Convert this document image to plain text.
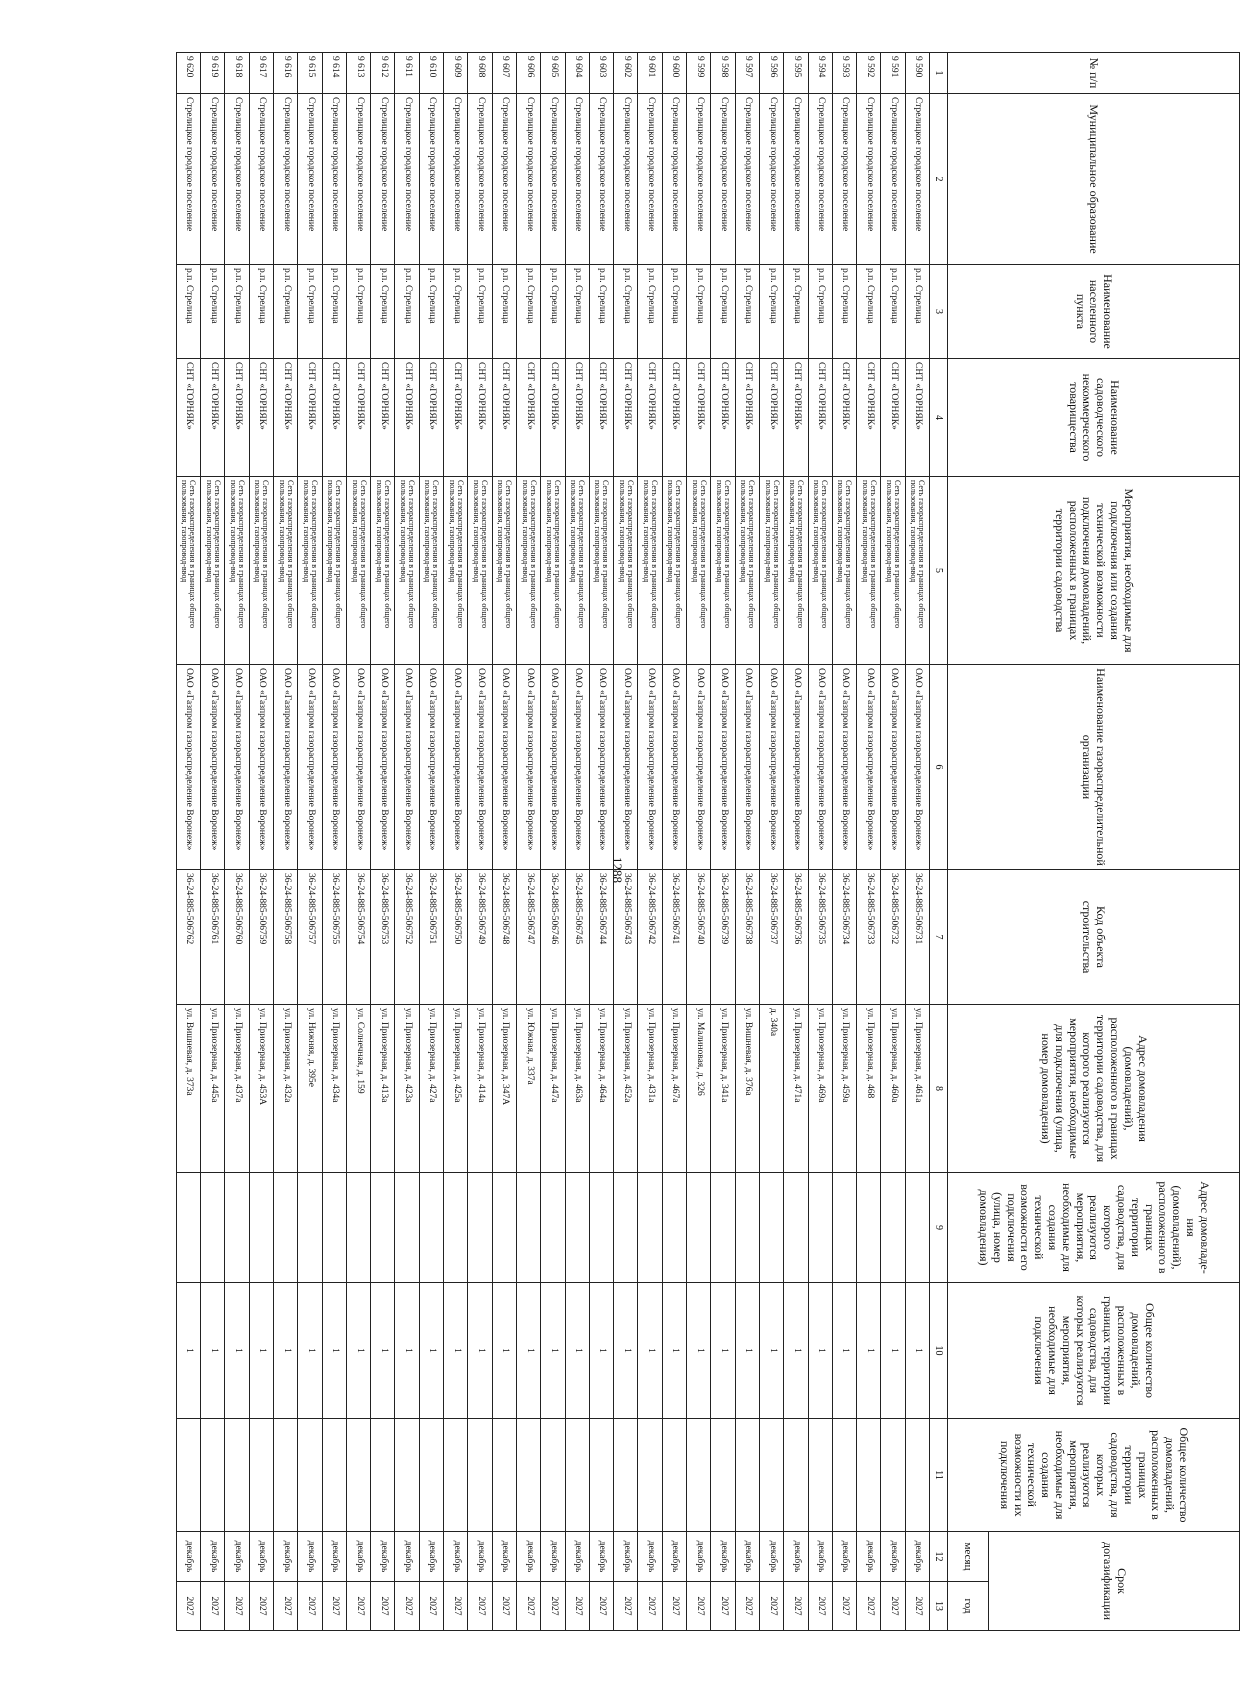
1288
№ п/п	Муниципальное образование	Наименование населенного пункта	Наименование садоводческого некоммерческого товарищества	Мероприятия, необходимые для подключения или создания технической возможности подключения домовладений, расположенных в границах территории садоводства	Наименование газораспределительной организации	Код объекта строительства	Адрес домовладения (домовладений), расположенного в границах территории садоводства, для которого реализуются мероприятия, необходимые для подключения (улица, номер домовладения)	Адрес домовладе-ния (домовладений), расположенного в границах территории садоводства, для которого реализуются мероприятия, необходимые для создания технической возможности его подключения (улица, номер домовладения)	Общее количество домовладений, расположенных в границах территории садоводства, для которых реализуются мероприятия, необходимые для подключения	Общее количество домовладений, расположенных в границах территории садоводства, для которых реализуются мероприятия, необходимые для создания технической возможности их подключения	Срок догазификации	
											месяц	год
1	2	3	4	5	6	7	8	9	10	11	12	13
9 590	Стрелицкое городское поселение	р.п. Стрелица	СНТ «ГОРНЯК»	Сеть газораспределения в границах общего пользования, газопровод-ввод	ОАО «Газпром газораспределение Воронеж»	36-24-885-506731	ул. Приозерная, д. 461а		1		декабрь	2027
9 591	Стрелицкое городское поселение	р.п. Стрелица	СНТ «ГОРНЯК»	Сеть газораспределения в границах общего пользования, газопровод-ввод	ОАО «Газпром газораспределение Воронеж»	36-24-885-506732	ул. Приозерная, д. 460а		1		декабрь	2027
9 592	Стрелицкое городское поселение	р.п. Стрелица	СНТ «ГОРНЯК»	Сеть газораспределения в границах общего пользования, газопровод-ввод	ОАО «Газпром газораспределение Воронеж»	36-24-885-506733	ул. Приозерная, д. 468		1		декабрь	2027
9 593	Стрелицкое городское поселение	р.п. Стрелица	СНТ «ГОРНЯК»	Сеть газораспределения в границах общего пользования, газопровод-ввод	ОАО «Газпром газораспределение Воронеж»	36-24-885-506734	ул. Приозерная, д. 459а		1		декабрь	2027
9 594	Стрелицкое городское поселение	р.п. Стрелица	СНТ «ГОРНЯК»	Сеть газораспределения в границах общего пользования, газопровод-ввод	ОАО «Газпром газораспределение Воронеж»	36-24-885-506735	ул. Приозерная, д. 469а		1		декабрь	2027
9 595	Стрелицкое городское поселение	р.п. Стрелица	СНТ «ГОРНЯК»	Сеть газораспределения в границах общего пользования, газопровод-ввод	ОАО «Газпром газораспределение Воронеж»	36-24-885-506736	ул. Приозерная, д. 471а		1		декабрь	2027
9 596	Стрелицкое городское поселение	р.п. Стрелица	СНТ «ГОРНЯК»	Сеть газораспределения в границах общего пользования, газопровод-ввод	ОАО «Газпром газораспределение Воронеж»	36-24-885-506737	д. 340а		1		декабрь	2027
9 597	Стрелицкое городское поселение	р.п. Стрелица	СНТ «ГОРНЯК»	Сеть газораспределения в границах общего пользования, газопровод-ввод	ОАО «Газпром газораспределение Воронеж»	36-24-885-506738	ул. Вишневая, д. 376а		1		декабрь	2027
9 598	Стрелицкое городское поселение	р.п. Стрелица	СНТ «ГОРНЯК»	Сеть газораспределения в границах общего пользования, газопровод-ввод	ОАО «Газпром газораспределение Воронеж»	36-24-885-506739	ул. Приозерная, д. 341а		1		декабрь	2027
9 599	Стрелицкое городское поселение	р.п. Стрелица	СНТ «ГОРНЯК»	Сеть газораспределения в границах общего пользования, газопровод-ввод	ОАО «Газпром газораспределение Воронеж»	36-24-885-506740	ул. Малиновая, д. 326		1		декабрь	2027
9 600	Стрелицкое городское поселение	р.п. Стрелица	СНТ «ГОРНЯК»	Сеть газораспределения в границах общего пользования, газопровод-ввод	ОАО «Газпром газораспределение Воронеж»	36-24-885-506741	ул. Приозерная, д. 467а		1		декабрь	2027
9 601	Стрелицкое городское поселение	р.п. Стрелица	СНТ «ГОРНЯК»	Сеть газораспределения в границах общего пользования, газопровод-ввод	ОАО «Газпром газораспределение Воронеж»	36-24-885-506742	ул. Приозерная, д. 431а		1		декабрь	2027
9 602	Стрелицкое городское поселение	р.п. Стрелица	СНТ «ГОРНЯК»	Сеть газораспределения в границах общего пользования, газопровод-ввод	ОАО «Газпром газораспределение Воронеж»	36-24-885-506743	ул. Приозерная, д. 452а		1		декабрь	2027
9 603	Стрелицкое городское поселение	р.п. Стрелица	СНТ «ГОРНЯК»	Сеть газораспределения в границах общего пользования, газопровод-ввод	ОАО «Газпром газораспределение Воронеж»	36-24-885-506744	ул. Приозерная, д. 464а		1		декабрь	2027
9 604	Стрелицкое городское поселение	р.п. Стрелица	СНТ «ГОРНЯК»	Сеть газораспределения в границах общего пользования, газопровод-ввод	ОАО «Газпром газораспределение Воронеж»	36-24-885-506745	ул. Приозерная, д. 463а		1		декабрь	2027
9 605	Стрелицкое городское поселение	р.п. Стрелица	СНТ «ГОРНЯК»	Сеть газораспределения в границах общего пользования, газопровод-ввод	ОАО «Газпром газораспределение Воронеж»	36-24-885-506746	ул. Приозерная, д. 447а		1		декабрь	2027
9 606	Стрелицкое городское поселение	р.п. Стрелица	СНТ «ГОРНЯК»	Сеть газораспределения в границах общего пользования, газопровод-ввод	ОАО «Газпром газораспределение Воронеж»	36-24-885-506747	ул. Южная, д. 337а		1		декабрь	2027
9 607	Стрелицкое городское поселение	р.п. Стрелица	СНТ «ГОРНЯК»	Сеть газораспределения в границах общего пользования, газопровод-ввод	ОАО «Газпром газораспределение Воронеж»	36-24-885-506748	ул. Приозерная, д. 347А		1		декабрь	2027
9 608	Стрелицкое городское поселение	р.п. Стрелица	СНТ «ГОРНЯК»	Сеть газораспределения в границах общего пользования, газопровод-ввод	ОАО «Газпром газораспределение Воронеж»	36-24-885-506749	ул. Приозерная, д. 414а		1		декабрь	2027
9 609	Стрелицкое городское поселение	р.п. Стрелица	СНТ «ГОРНЯК»	Сеть газораспределения в границах общего пользования, газопровод-ввод	ОАО «Газпром газораспределение Воронеж»	36-24-885-506750	ул. Приозерная, д. 425а		1		декабрь	2027
9 610	Стрелицкое городское поселение	р.п. Стрелица	СНТ «ГОРНЯК»	Сеть газораспределения в границах общего пользования, газопровод-ввод	ОАО «Газпром газораспределение Воронеж»	36-24-885-506751	ул. Приозерная, д. 427а		1		декабрь	2027
9 611	Стрелицкое городское поселение	р.п. Стрелица	СНТ «ГОРНЯК»	Сеть газораспределения в границах общего пользования, газопровод-ввод	ОАО «Газпром газораспределение Воронеж»	36-24-885-506752	ул. Приозерная, д. 423а		1		декабрь	2027
9 612	Стрелицкое городское поселение	р.п. Стрелица	СНТ «ГОРНЯК»	Сеть газораспределения в границах общего пользования, газопровод-ввод	ОАО «Газпром газораспределение Воронеж»	36-24-885-506753	ул. Приозерная, д. 413а		1		декабрь	2027
9 613	Стрелицкое городское поселение	р.п. Стрелица	СНТ «ГОРНЯК»	Сеть газораспределения в границах общего пользования, газопровод-ввод	ОАО «Газпром газораспределение Воронеж»	36-24-885-506754	ул. Солнечная, д. 159		1		декабрь	2027
9 614	Стрелицкое городское поселение	р.п. Стрелица	СНТ «ГОРНЯК»	Сеть газораспределения в границах общего пользования, газопровод-ввод	ОАО «Газпром газораспределение Воронеж»	36-24-885-506755	ул. Приозерная, д. 434а		1		декабрь	2027
9 615	Стрелицкое городское поселение	р.п. Стрелица	СНТ «ГОРНЯК»	Сеть газораспределения в границах общего пользования, газопровод-ввод	ОАО «Газпром газораспределение Воронеж»	36-24-885-506757	ул. Нижняя, д. 395е		1		декабрь	2027
9 616	Стрелицкое городское поселение	р.п. Стрелица	СНТ «ГОРНЯК»	Сеть газораспределения в границах общего пользования, газопровод-ввод	ОАО «Газпром газораспределение Воронеж»	36-24-885-506758	ул. Приозерная, д. 432а		1		декабрь	2027
9 617	Стрелицкое городское поселение	р.п. Стрелица	СНТ «ГОРНЯК»	Сеть газораспределения в границах общего пользования, газопровод-ввод	ОАО «Газпром газораспределение Воронеж»	36-24-885-506759	ул. Приозерная, д. 453А		1		декабрь	2027
9 618	Стрелицкое городское поселение	р.п. Стрелица	СНТ «ГОРНЯК»	Сеть газораспределения в границах общего пользования, газопровод-ввод	ОАО «Газпром газораспределение Воронеж»	36-24-885-506760	ул. Приозерная, д. 437а		1		декабрь	2027
9 619	Стрелицкое городское поселение	р.п. Стрелица	СНТ «ГОРНЯК»	Сеть газораспределения в границах общего пользования, газопровод-ввод	ОАО «Газпром газораспределение Воронеж»	36-24-885-506761	ул. Приозерная, д. 445а		1		декабрь	2027
9 620	Стрелицкое городское поселение	р.п. Стрелица	СНТ «ГОРНЯК»	Сеть газораспределения в границах общего пользования, газопровод-ввод	ОАО «Газпром газораспределение Воронеж»	36-24-885-506762	ул. Вишневая, д. 373а		1		декабрь	2027
